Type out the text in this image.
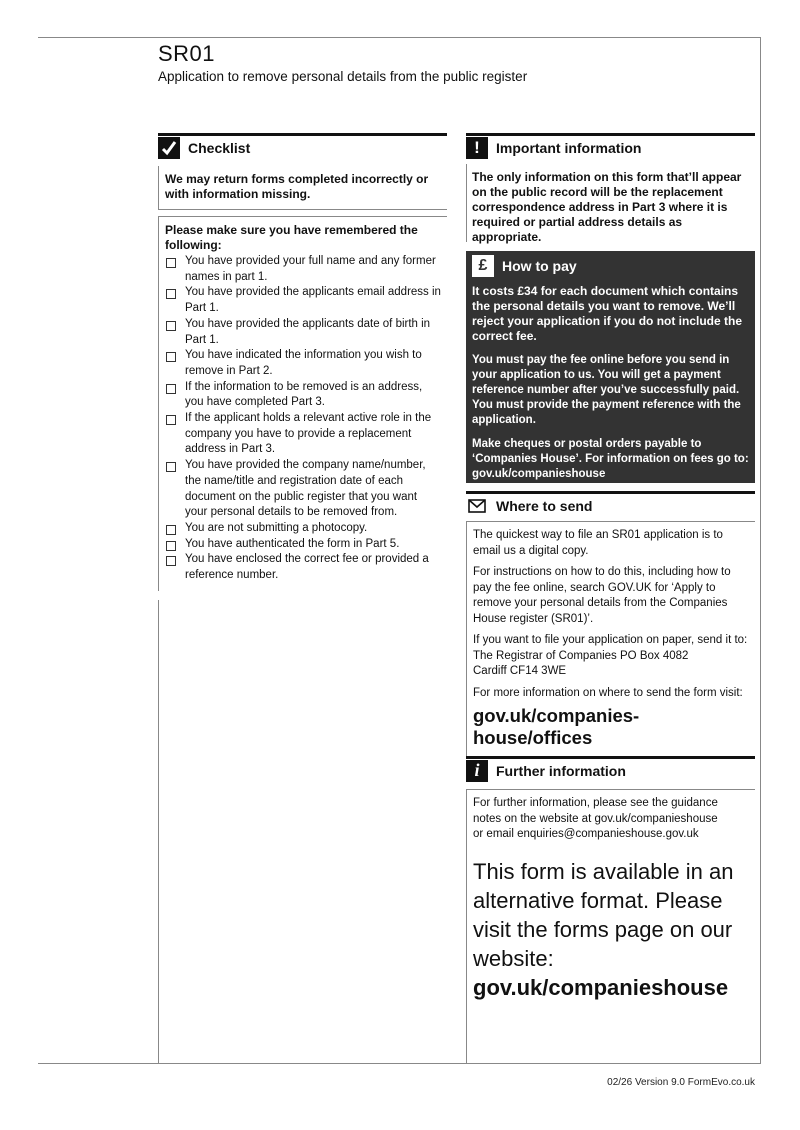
SR01
Application to remove personal details from the public register
Checklist
We may return forms completed incorrectly or with information missing.
Please make sure you have remembered the following:
You have provided your full name and any former names in part 1.
You have provided the applicants email address in Part 1.
You have provided the applicants date of birth in Part 1.
You have indicated the information you wish to remove in Part 2.
If the information to be removed is an address, you have completed Part 3.
If the applicant holds a relevant active role in the company you have to provide a replacement address in Part 3.
You have provided the company name/number, the name/title and registration date of each document on the public register that you want your personal details to be removed from.
You are not submitting a photocopy.
You have authenticated the form in Part 5.
You have enclosed the correct fee or provided a reference number.
!	Important information
The only information on this form that’ll appear on the public record will be the replacement correspondence address in Part 3 where it is required or partial address details as appropriate.
£	How to pay

It costs £34 for each document which contains the personal details you want to remove. We’ll reject your application if you do not include the correct fee.

You must pay the fee online before you send in your application to us. You will get a payment reference number after you’ve successfully paid. You must provide the payment reference with the application.

Make cheques or postal orders payable to ‘Companies House’. For information on fees go to: gov.uk/companieshouse

Where to send

The quickest way to file an SR01 application is to email us a digital copy.

For instructions on how to do this, including how to pay the fee online, search GOV.UK for ‘Apply to remove your personal details from the Companies House register (SR01)’.

If you want to file your application on paper, send it to:
The Registrar of Companies PO Box 4082
Cardiff CF14 3WE

For more information on where to send the form visit:

gov.uk/companies-house/offices
i	Further information
For further information, please see the guidance
notes on the website at gov.uk/companieshouse
or email enquiries@companieshouse.gov.uk
This form is available in an alternative format. Please visit the forms page on our website:
gov.uk/companieshouse
02/26 Version 9.0 FormEvo.co.uk
